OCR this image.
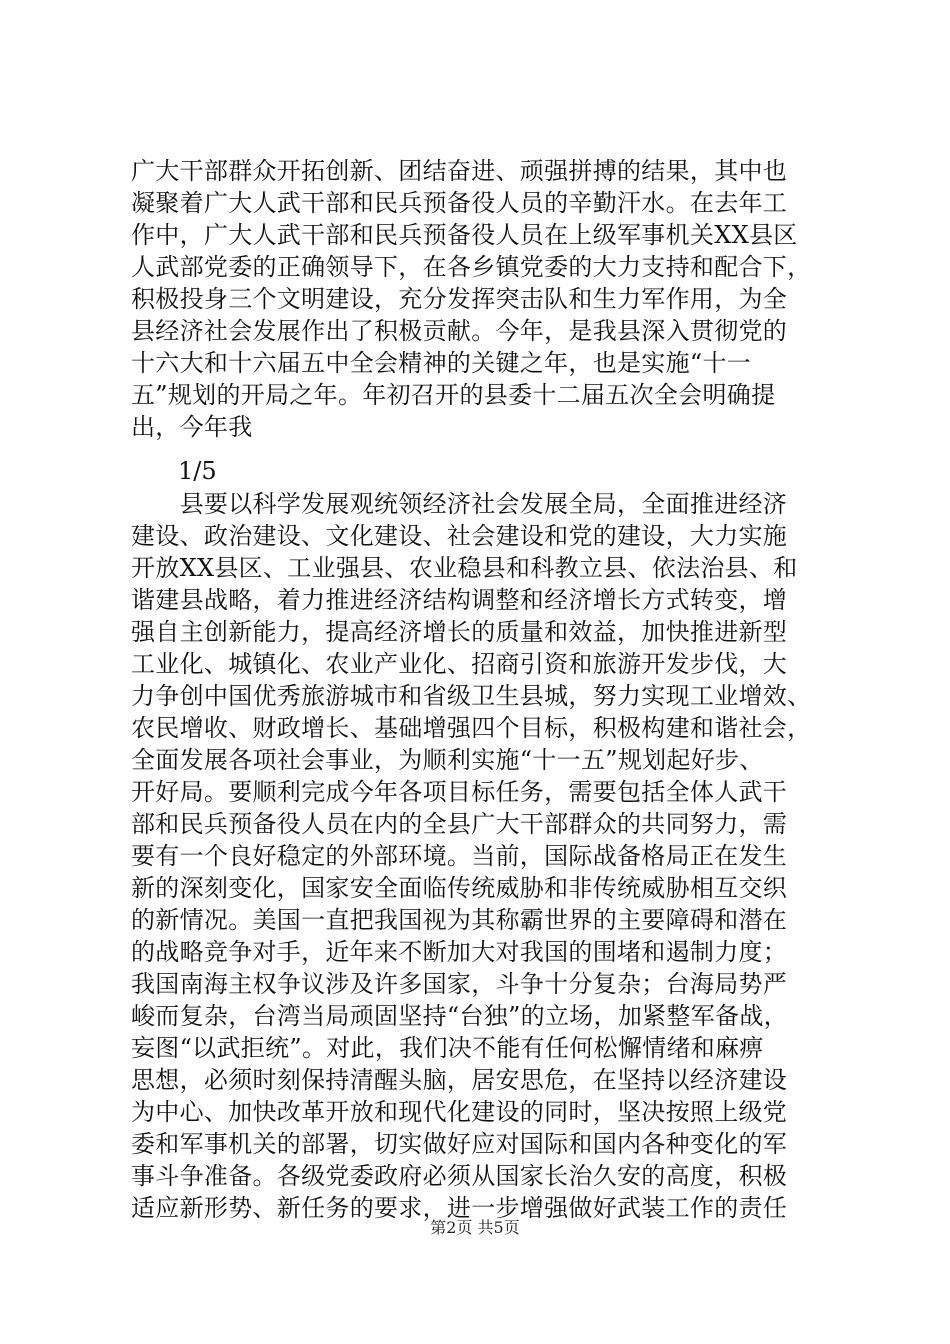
广大干部群众开拓创新、团结奋进、顽强拼搏的结果，其中也
凝聚着广大人武干部和民兵预备役人员的辛勤汗水。在去年工
作中，广大人武干部和民兵预备役人员在上级军事机关XX县区
人武部党委的正确领导下，在各乡镇党委的大力支持和配合下，
积极投身三个文明建设，充分发挥突击队和生力军作用，为全
县经济社会发展作出了积极贡献。今年，是我县深入贯彻党的
十六大和十六届五中全会精神的关键之年，也是实施“十一
五”规划的开局之年。年初召开的县委十二届五次全会明确提
出，今年我
1/5
　　县要以科学发展观统领经济社会发展全局，全面推进经济
建设、政治建设、文化建设、社会建设和党的建设，大力实施
开放XX县区、工业强县、农业稳县和科教立县、依法治县、和
谐建县战略，着力推进经济结构调整和经济增长方式转变，增
强自主创新能力，提高经济增长的质量和效益，加快推进新型
工业化、城镇化、农业产业化、招商引资和旅游开发步伐，大
力争创中国优秀旅游城市和省级卫生县城，努力实现工业增效、
农民增收、财政增长、基础增强四个目标，积极构建和谐社会，
全面发展各项社会事业，为顺利实施“十一五”规划起好步、
开好局。要顺利完成今年各项目标任务，需要包括全体人武干
部和民兵预备役人员在内的全县广大干部群众的共同努力，需
要有一个良好稳定的外部环境。当前，国际战备格局正在发生
新的深刻变化，国家安全面临传统威胁和非传统威胁相互交织
的新情况。美国一直把我国视为其称霸世界的主要障碍和潜在
的战略竞争对手，近年来不断加大对我国的围堵和遏制力度；
我国南海主权争议涉及许多国家，斗争十分复杂；台海局势严
峻而复杂，台湾当局顽固坚持“台独”的立场，加紧整军备战，
妄图“以武拒统”。对此，我们决不能有任何松懈情绪和麻痹
思想，必须时刻保持清醒头脑，居安思危，在坚持以经济建设
为中心、加快改革开放和现代化建设的同时，坚决按照上级党
委和军事机关的部署，切实做好应对国际和国内各种变化的军
事斗争准备。各级党委政府必须从国家长治久安的高度，积极
适应新形势、新任务的要求，进一步增强做好武装工作的责任
第2页 共5页
